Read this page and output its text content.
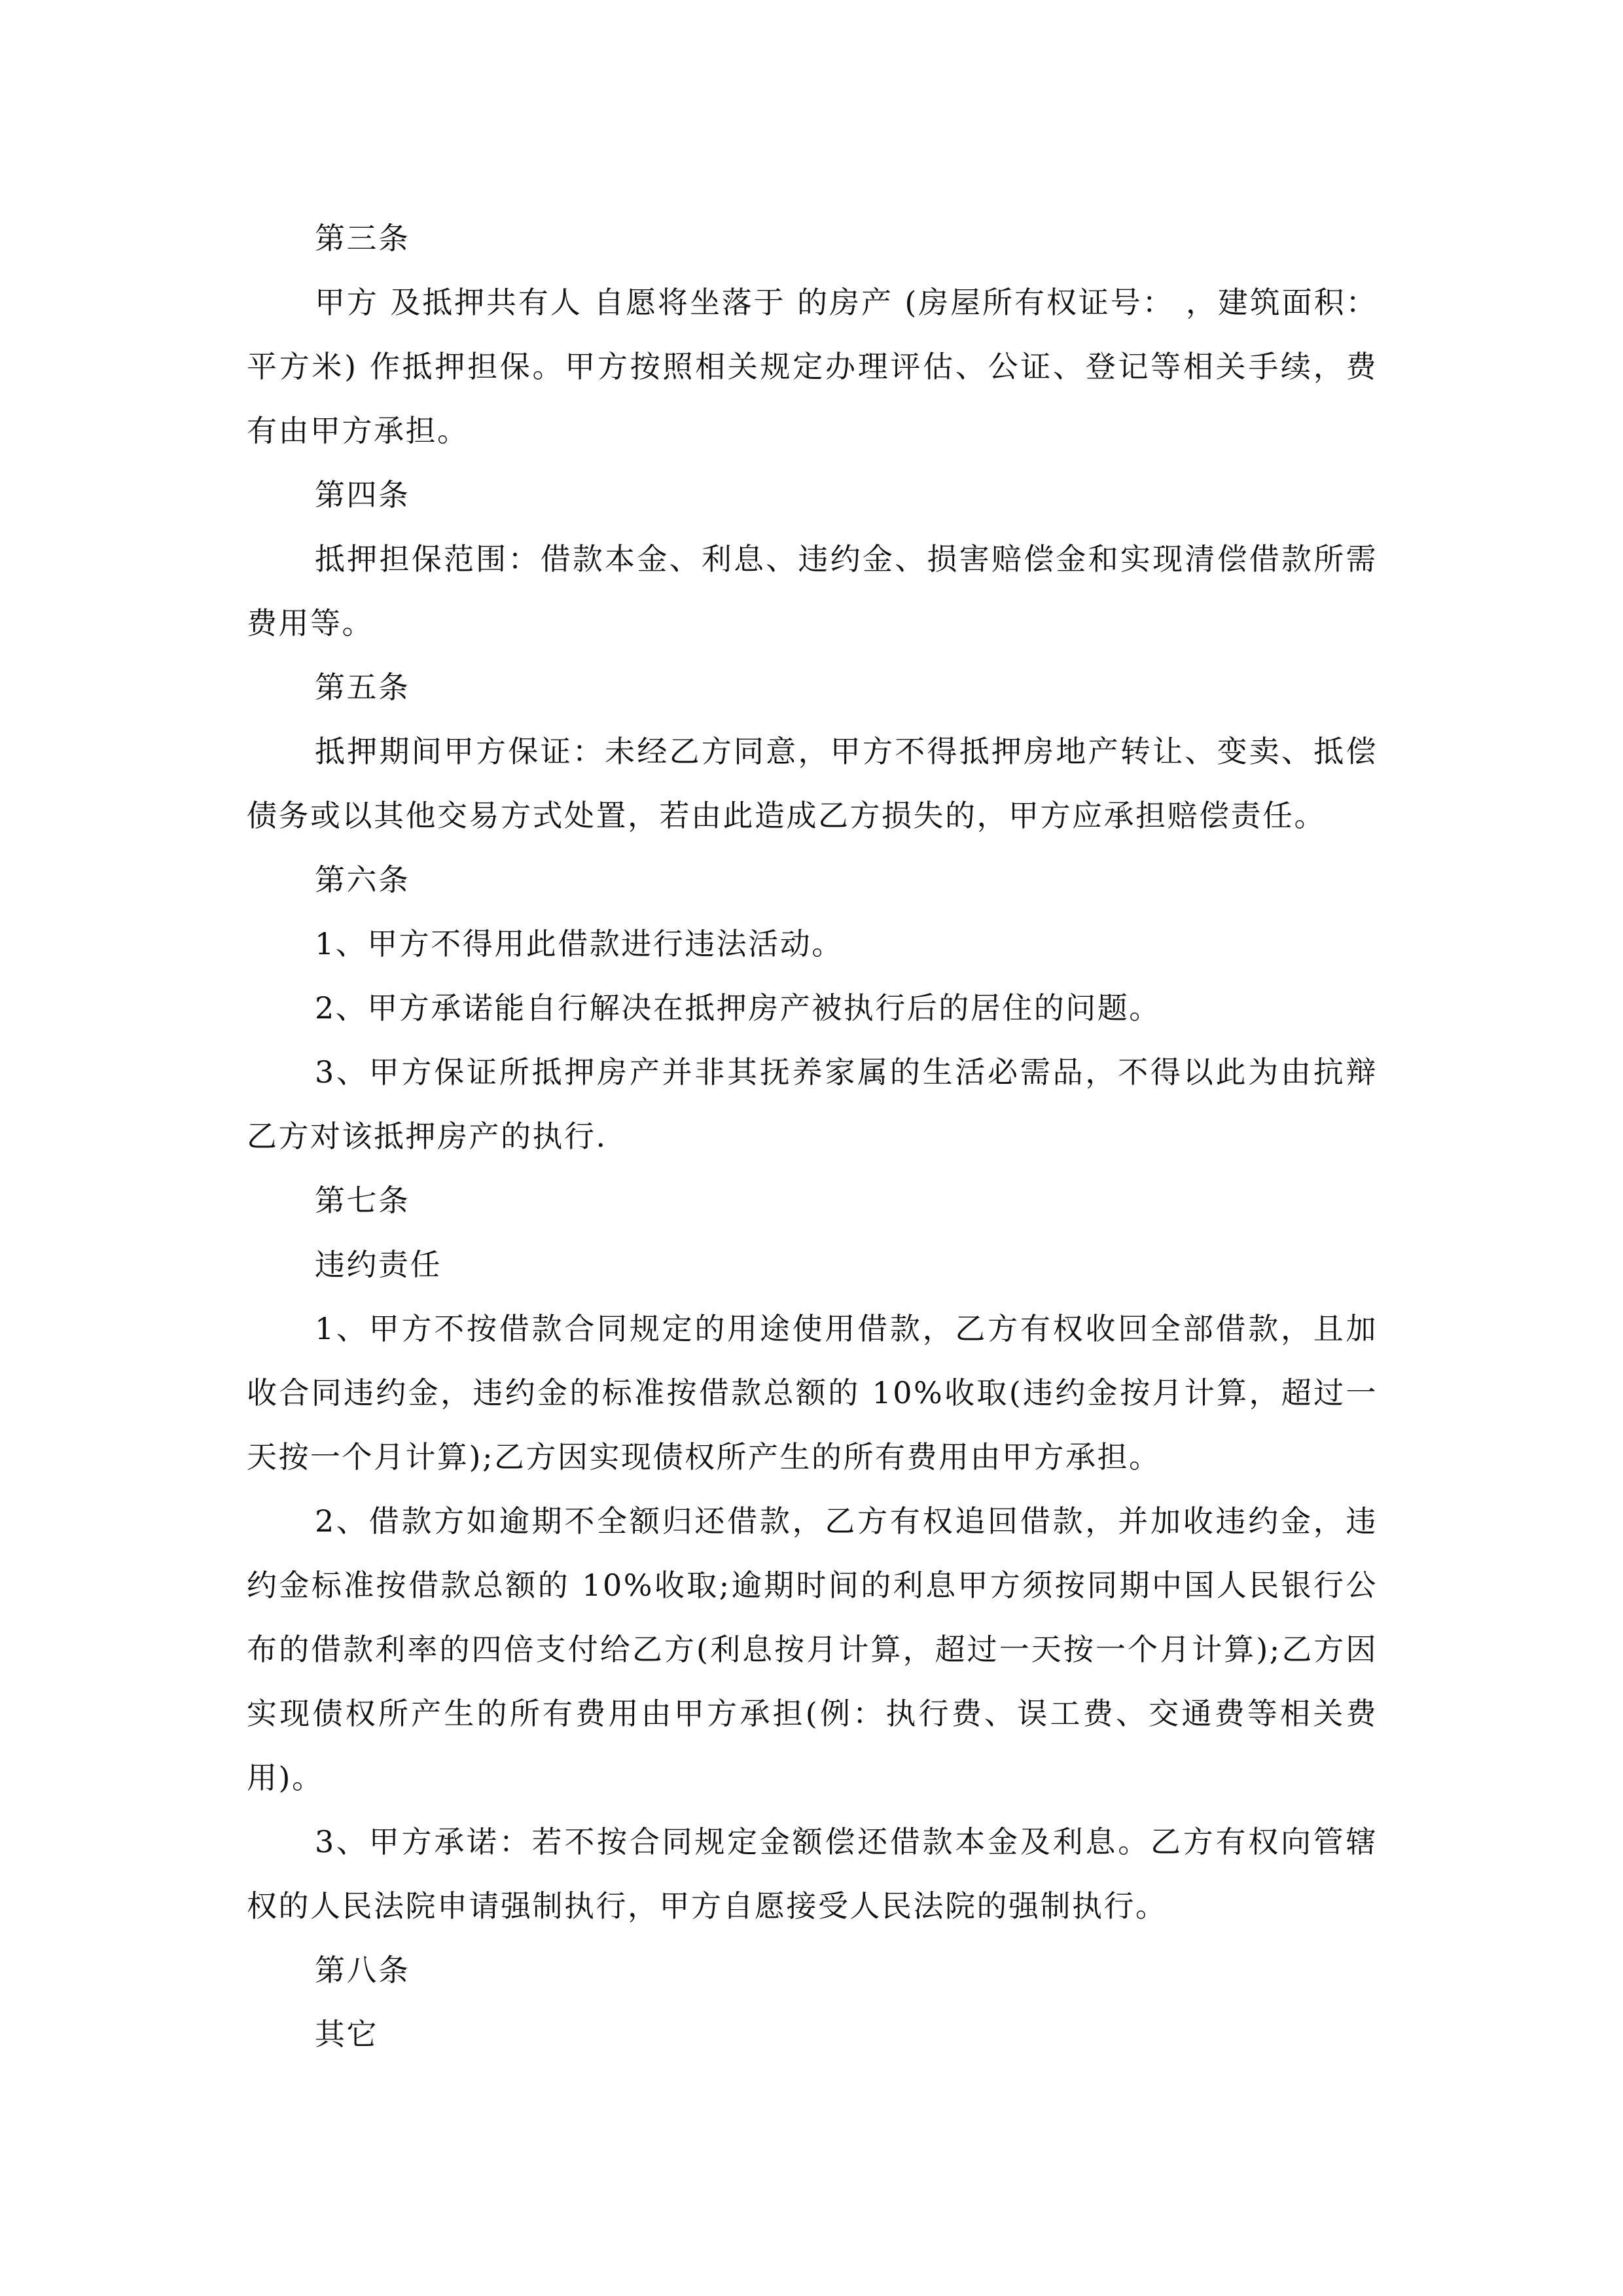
第三条

甲方 及抵押共有人 自愿将坐落于 的房产 (房屋所有权证号： ，建筑面积： 平方米) 作抵押担保。甲方按照相关规定办理评估、公证、登记等相关手续，费有由甲方承担。

第四条

抵押担保范围：借款本金、利息、违约金、损害赔偿金和实现清偿借款所需费用等。

第五条

抵押期间甲方保证：未经乙方同意，甲方不得抵押房地产转让、变卖、抵偿债务或以其他交易方式处置，若由此造成乙方损失的，甲方应承担赔偿责任。

第六条

1、甲方不得用此借款进行违法活动。

2、甲方承诺能自行解决在抵押房产被执行后的居住的问题。

3、甲方保证所抵押房产并非其抚养家属的生活必需品，不得以此为由抗辩乙方对该抵押房产的执行.

第七条

违约责任

1、甲方不按借款合同规定的用途使用借款，乙方有权收回全部借款，且加收合同违约金，违约金的标准按借款总额的 10%收取(违约金按月计算，超过一天按一个月计算);乙方因实现债权所产生的所有费用由甲方承担。

2、借款方如逾期不全额归还借款，乙方有权追回借款，并加收违约金，违约金标准按借款总额的 10%收取;逾期时间的利息甲方须按同期中国人民银行公布的借款利率的四倍支付给乙方(利息按月计算，超过一天按一个月计算);乙方因实现债权所产生的所有费用由甲方承担(例：执行费、误工费、交通费等相关费用)。

3、甲方承诺：若不按合同规定金额偿还借款本金及利息。乙方有权向管辖权的人民法院申请强制执行，甲方自愿接受人民法院的强制执行。

第八条

其它
